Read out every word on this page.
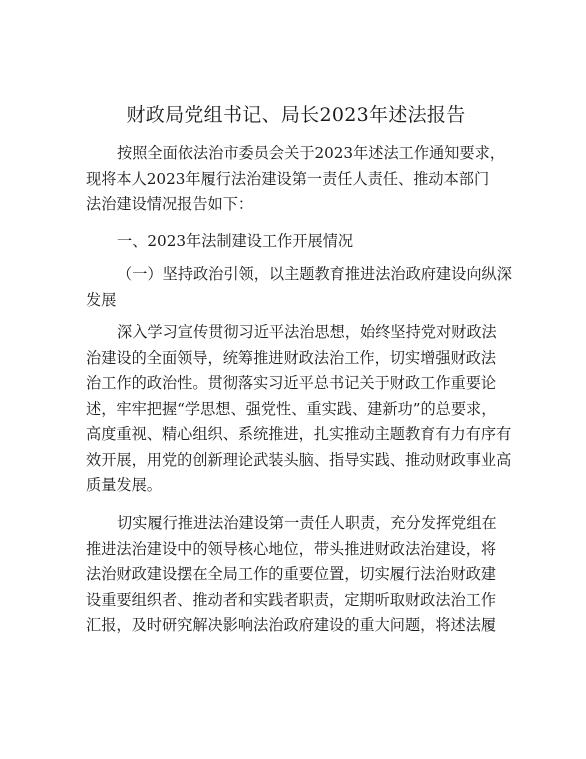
财政局党组书记、局长2023年述法报告
按照全面依法治市委员会关于2023年述法工作通知要求，
现将本人2023年履行法治建设第一责任人责任、推动本部门
法治建设情况报告如下：
一、2023年法制建设工作开展情况
（一）坚持政治引领，以主题教育推进法治政府建设向纵深
发展
深入学习宣传贯彻习近平法治思想，始终坚持党对财政法
治建设的全面领导，统筹推进财政法治工作，切实增强财政法
治工作的政治性。贯彻落实习近平总书记关于财政工作重要论
述，牢牢把握“学思想、强党性、重实践、建新功”的总要求，
高度重视、精心组织、系统推进，扎实推动主题教育有力有序有
效开展，用党的创新理论武装头脑、指导实践、推动财政事业高
质量发展。
切实履行推进法治建设第一责任人职责，充分发挥党组在
推进法治建设中的领导核心地位，带头推进财政法治建设，将
法治财政建设摆在全局工作的重要位置，切实履行法治财政建
设重要组织者、推动者和实践者职责，定期听取财政法治工作
汇报，及时研究解决影响法治政府建设的重大问题，将述法履
